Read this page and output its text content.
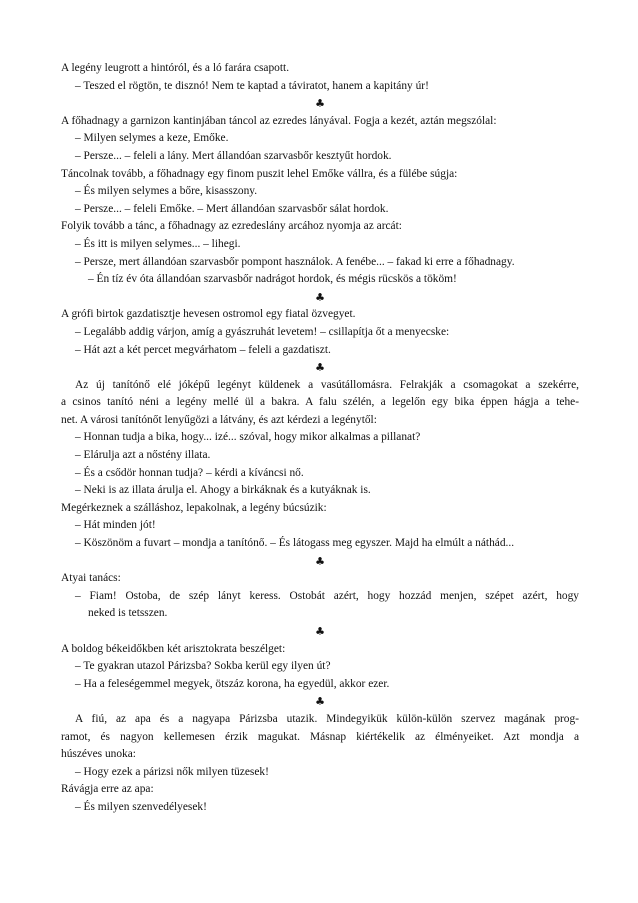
A legény leugrott a hintóról, és a ló farára csapott.
– Teszed el rögtön, te disznó! Nem te kaptad a táviratot, hanem a kapitány úr!
♣
A főhadnagy a garnizon kantinjában táncol az ezredes lányával. Fogja a kezét, aztán megszólal:
– Milyen selymes a keze, Emőke.
– Persze... – feleli a lány. Mert állandóan szarvasbőr kesztyűt hordok.
Táncolnak tovább, a főhadnagy egy finom puszit lehel Emőke vállra, és a fülébe súgja:
– És milyen selymes a bőre, kisasszony.
– Persze... – feleli Emőke. – Mert állandóan szarvasbőr sálat hordok.
Folyik tovább a tánc, a főhadnagy az ezredeslány arcához nyomja az arcát:
– És itt is milyen selymes... – lihegi.
– Persze, mert állandóan szarvasbőr pompont használok. A fenébe... – fakad ki erre a főhadnagy.
– Én tíz év óta állandóan szarvasbőr nadrágot hordok, és mégis rücskös a tököm!
♣
A grófi birtok gazdatisztje hevesen ostromol egy fiatal özvegyet.
– Legalább addig várjon, amíg a gyászruhát levetem! – csillapítja őt a menyecske:
– Hát azt a két percet megvárhatom – feleli a gazdatiszt.
♣
Az új tanítónő elé jóképű legényt küldenek a vasútállomásra. Felrakják a csomagokat a szekérre,
a csinos tanító néni a legény mellé ül a bakra. A falu szélén, a legelőn egy bika éppen hágja a tehe-
net. A városi tanítónőt lenyűgözi a látvány, és azt kérdezi a legénytől:
– Honnan tudja a bika, hogy... izé... szóval, hogy mikor alkalmas a pillanat?
– Elárulja azt a nőstény illata.
– És a csődör honnan tudja? – kérdi a kíváncsi nő.
– Neki is az illata árulja el. Ahogy a birkáknak és a kutyáknak is.
Megérkeznek a szálláshoz, lepakolnak, a legény búcsúzik:
– Hát minden jót!
– Köszönöm a fuvart – mondja a tanítónő. – És látogass meg egyszer. Majd ha elmúlt a náthád...
♣
Atyai tanács:
– Fiam! Ostoba, de szép lányt keress. Ostobát azért, hogy hozzád menjen, szépet azért, hogy
neked is tetsszen.
♣
A boldog békeidőkben két arisztokrata beszélget:
– Te gyakran utazol Párizsba? Sokba kerül egy ilyen út?
– Ha a feleségemmel megyek, ötszáz korona, ha egyedül, akkor ezer.
♣
A fiú, az apa és a nagyapa Párizsba utazik. Mindegyikük külön-külön szervez magának prog-
ramot, és nagyon kellemesen érzik magukat. Másnap kiértékelik az élményeiket. Azt mondja a
húszéves unoka:
– Hogy ezek a párizsi nők milyen tüzesek!
Rávágja erre az apa:
– És milyen szenvedélyesek!
